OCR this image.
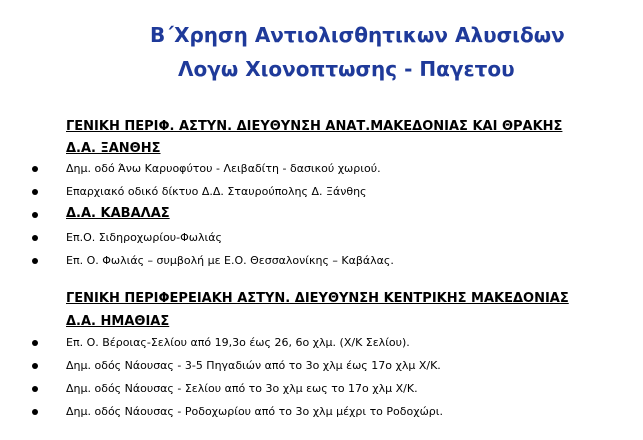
Β΄Χρηση Αντιολισθητικων Αλυσιδων
Λογω Χιονοπτωσης - Παγετου
ΓΕΝΙΚΗ ΠΕΡΙΦ. ΑΣΤΥΝ. ΔΙΕΥΘΥΝΣΗ ΑΝΑΤ.ΜΑΚΕΔΟΝΙΑΣ ΚΑΙ ΘΡΑΚΗΣ
Δ.Α. ΞΑΝΘΗΣ
Δημ. οδό Άνω Καρυοφύτου - Λειβαδίτη - δασικού χωριού.
Επαρχιακό οδικό δίκτυο Δ.Δ. Σταυρούπολης Δ. Ξάνθης
Δ.Α. ΚΑΒΑΛΑΣ
Επ.Ο. Σιδηροχωρίου-Φωλιάς
Επ. Ο. Φωλιάς – συμβολή με Ε.Ο. Θεσσαλονίκης – Καβάλας.
ΓΕΝΙΚΗ ΠΕΡΙΦΕΡΕΙΑΚΗ ΑΣΤΥΝ. ΔΙΕΥΘΥΝΣΗ ΚΕΝΤΡΙΚΗΣ ΜΑΚΕΔΟΝΙΑΣ
Δ.Α. ΗΜΑΘΙΑΣ
Επ. Ο. Βέροιας-Σελίου από 19,3ο έως 26, 6ο χλμ. (Χ/Κ Σελίου).
Δημ. οδός Νάουσας - 3-5 Πηγαδιών από το 3ο χλμ έως 17ο χλμ Χ/Κ.
Δημ. οδός Νάουσας - Σελίου από το 3ο χλμ εως το 17ο χλμ Χ/Κ.
Δημ. οδός Νάουσας - Ροδοχωρίου από το 3ο χλμ μέχρι το Ροδοχώρι.
